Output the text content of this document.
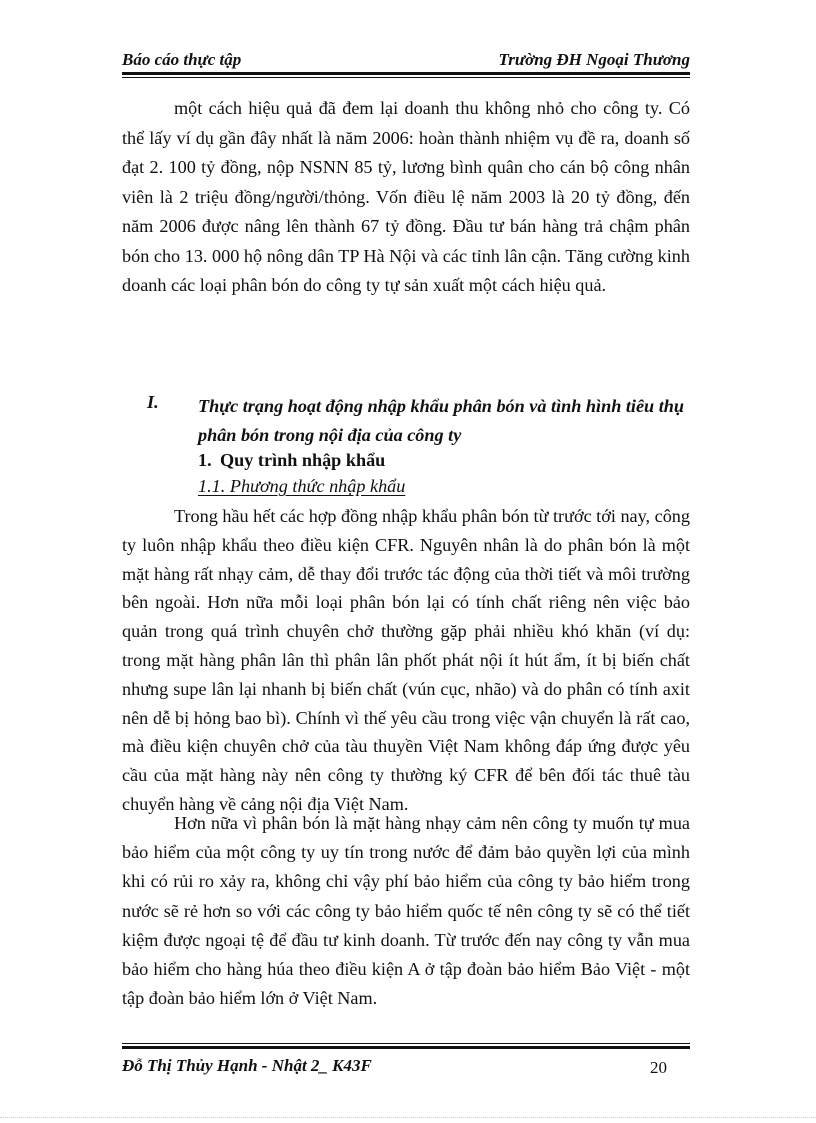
Báo cáo thực tập	Trường ĐH Ngoại Thương
một cách hiệu quả đã đem lại doanh thu không nhỏ cho công ty. Có thể lấy ví dụ gần đây nhất là năm 2006: hoàn thành nhiệm vụ đề ra, doanh số đạt 2. 100 tỷ đồng, nộp NSNN 85 tỷ, lương bình quân cho cán bộ công nhân viên là 2 triệu đồng/người/thỏng. Vốn điều lệ năm 2003 là 20 tỷ đồng, đến năm 2006 được nâng lên thành 67 tỷ đồng. Đầu tư bán hàng trả chậm phân bón cho 13. 000 hộ nông dân TP Hà Nội và các tỉnh lân cận. Tăng cường kinh doanh các loại phân bón do công ty tự sản xuất một cách hiệu quả.
I. Thực trạng hoạt động nhập khẩu phân bón và tình hình tiêu thụ phân bón trong nội địa của công ty
1. Quy trình nhập khẩu
1.1. Phương thức nhập khẩu
Trong hầu hết các hợp đồng nhập khẩu phân bón từ trước tới nay, công ty luôn nhập khẩu theo điều kiện CFR. Nguyên nhân là do phân bón là một mặt hàng rất nhạy cảm, dễ thay đổi trước tác động của thời tiết và môi trường bên ngoài. Hơn nữa mỗi loại phân bón lại có tính chất riêng nên việc bảo quản trong quá trình chuyên chở thường gặp phải nhiều khó khăn (ví dụ: trong mặt hàng phân lân thì phân lân phốt phát nội ít hút ẩm, ít bị biến chất nhưng supe lân lại nhanh bị biến chất (vún cục, nhão) và do phân có tính axit nên dễ bị hỏng bao bì). Chính vì thế yêu cầu trong việc vận chuyển là rất cao, mà điều kiện chuyên chở của tàu thuyền Việt Nam không đáp ứng được yêu cầu của mặt hàng này nên công ty thường ký CFR để bên đối tác thuê tàu chuyển hàng về cảng nội địa Việt Nam.
Hơn nữa vì phân bón là mặt hàng nhạy cảm nên công ty muốn tự mua bảo hiểm của một công ty uy tín trong nước để đảm bảo quyền lợi của mình khi có rủi ro xảy ra, không chỉ vậy phí bảo hiểm của công ty bảo hiểm trong nước sẽ rẻ hơn so với các công ty bảo hiểm quốc tế nên công ty sẽ có thể tiết kiệm được ngoại tệ để đầu tư kinh doanh. Từ trước đến nay công ty vẫn mua bảo hiểm cho hàng húa theo điều kiện A ở tập đoàn bảo hiểm Bảo Việt - một tập đoàn bảo hiểm lớn ở Việt Nam.
Đỗ Thị Thủy Hạnh - Nhật 2_ K43F	20
